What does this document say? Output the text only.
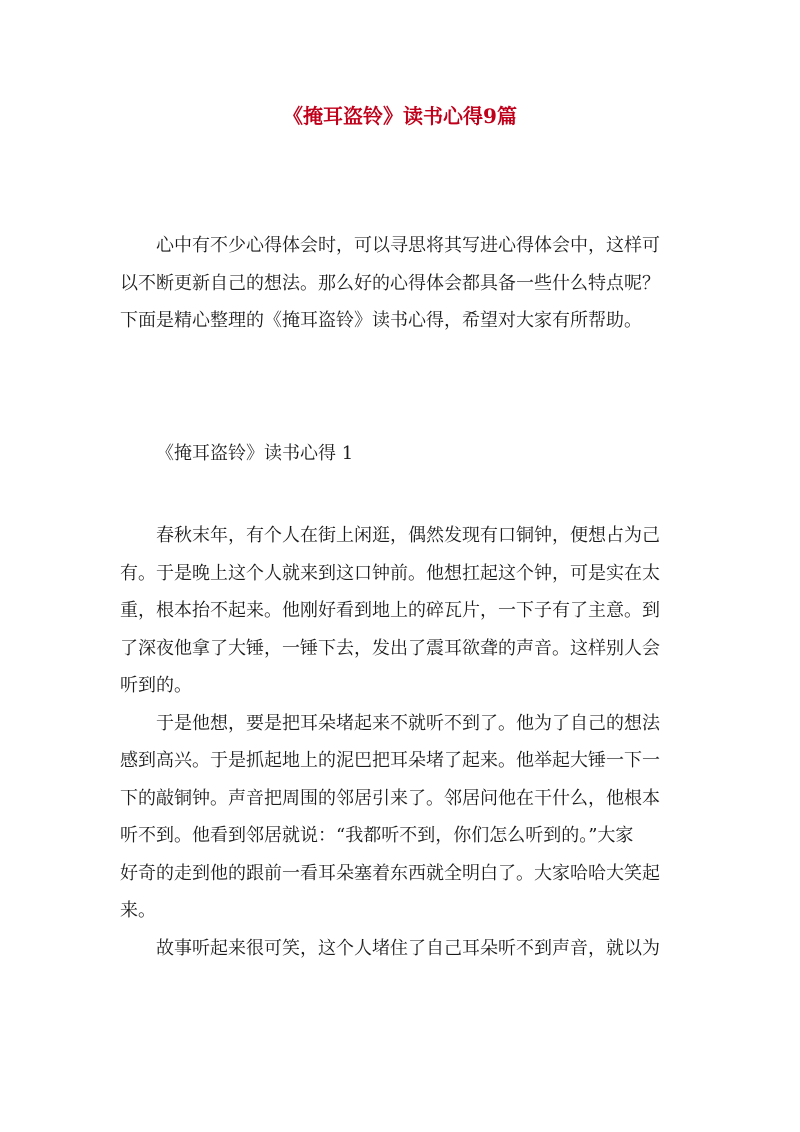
《掩耳盗铃》读书心得9篇
心中有不少心得体会时，可以寻思将其写进心得体会中，这样可
以不断更新自己的想法。那么好的心得体会都具备一些什么特点呢？
下面是精心整理的《掩耳盗铃》读书心得，希望对大家有所帮助。
《掩耳盗铃》读书心得 1
春秋末年，有个人在街上闲逛，偶然发现有口铜钟，便想占为己
有。于是晚上这个人就来到这口钟前。他想扛起这个钟，可是实在太
重，根本抬不起来。他刚好看到地上的碎瓦片，一下子有了主意。到
了深夜他拿了大锤，一锤下去，发出了震耳欲聋的声音。这样别人会
听到的。
于是他想，要是把耳朵堵起来不就听不到了。他为了自己的想法
感到高兴。于是抓起地上的泥巴把耳朵堵了起来。他举起大锤一下一
下的敲铜钟。声音把周围的邻居引来了。邻居问他在干什么，他根本
听不到。他看到邻居就说：“我都听不到，你们怎么听到的。”大家
好奇的走到他的跟前一看耳朵塞着东西就全明白了。大家哈哈大笑起
来。
故事听起来很可笑，这个人堵住了自己耳朵听不到声音，就以为
